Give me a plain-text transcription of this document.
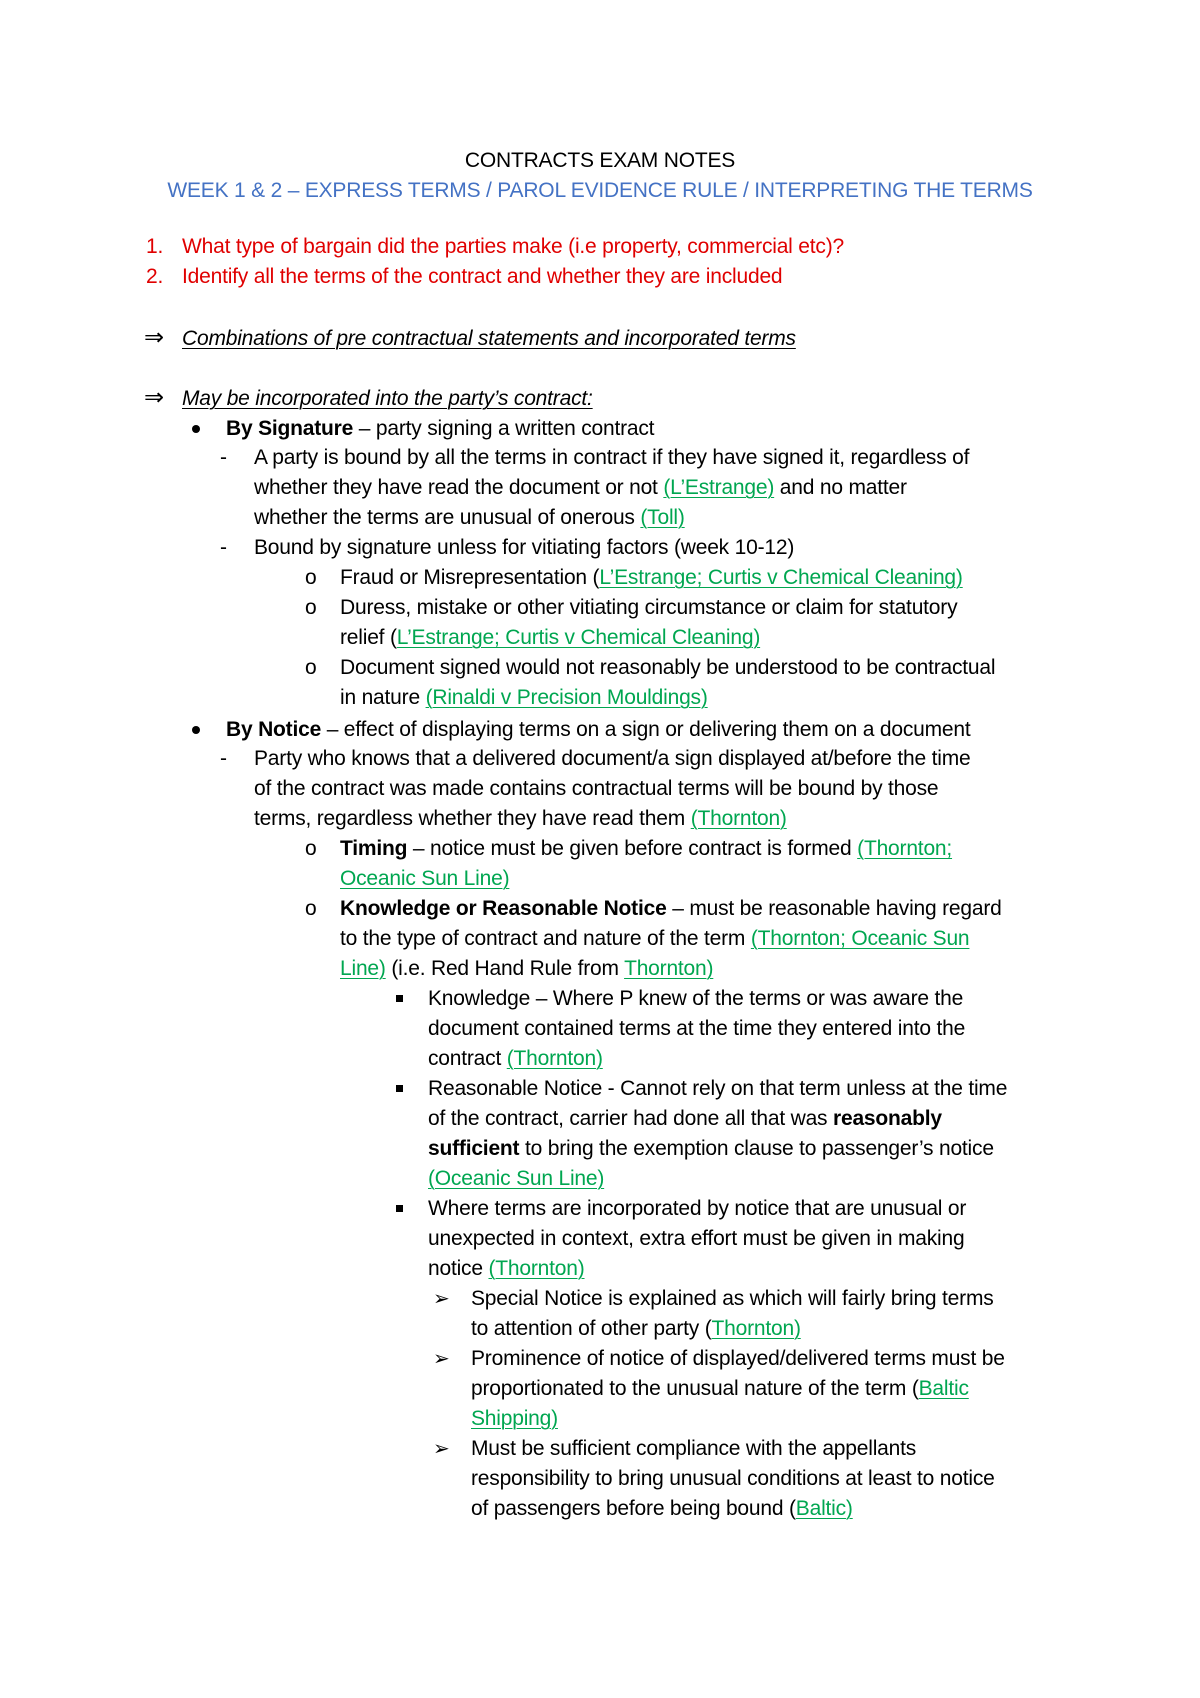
CONTRACTS EXAM NOTES
WEEK 1 & 2 – EXPRESS TERMS / PAROL EVIDENCE RULE / INTERPRETING THE TERMS
1. What type of bargain did the parties make (i.e property, commercial etc)?
2. Identify all the terms of the contract and whether they are included
⇒ Combinations of pre contractual statements and incorporated terms
⇒ May be incorporated into the party’s contract:
By Signature – party signing a written contract
- A party is bound by all the terms in contract if they have signed it, regardless of
whether they have read the document or not (L’Estrange) and no matter
whether the terms are unusual of onerous (Toll)
- Bound by signature unless for vitiating factors (week 10-12)
o Fraud or Misrepresentation (L’Estrange; Curtis v Chemical Cleaning)
o Duress, mistake or other vitiating circumstance or claim for statutory
relief (L’Estrange; Curtis v Chemical Cleaning)
o Document signed would not reasonably be understood to be contractual
in nature (Rinaldi v Precision Mouldings)
By Notice – effect of displaying terms on a sign or delivering them on a document
- Party who knows that a delivered document/a sign displayed at/before the time
of the contract was made contains contractual terms will be bound by those
terms, regardless whether they have read them (Thornton)
o Timing – notice must be given before contract is formed (Thornton;
Oceanic Sun Line)
o Knowledge or Reasonable Notice – must be reasonable having regard
to the type of contract and nature of the term (Thornton; Oceanic Sun
Line) (i.e. Red Hand Rule from Thornton)
Knowledge – Where P knew of the terms or was aware the
document contained terms at the time they entered into the
contract (Thornton)
Reasonable Notice - Cannot rely on that term unless at the time
of the contract, carrier had done all that was reasonably
sufficient to bring the exemption clause to passenger’s notice
(Oceanic Sun Line)
Where terms are incorporated by notice that are unusual or
unexpected in context, extra effort must be given in making
notice (Thornton)
➢ Special Notice is explained as which will fairly bring terms
to attention of other party (Thornton)
➢ Prominence of notice of displayed/delivered terms must be
proportionated to the unusual nature of the term (Baltic
Shipping)
➢ Must be sufficient compliance with the appellants
responsibility to bring unusual conditions at least to notice
of passengers before being bound (Baltic)
